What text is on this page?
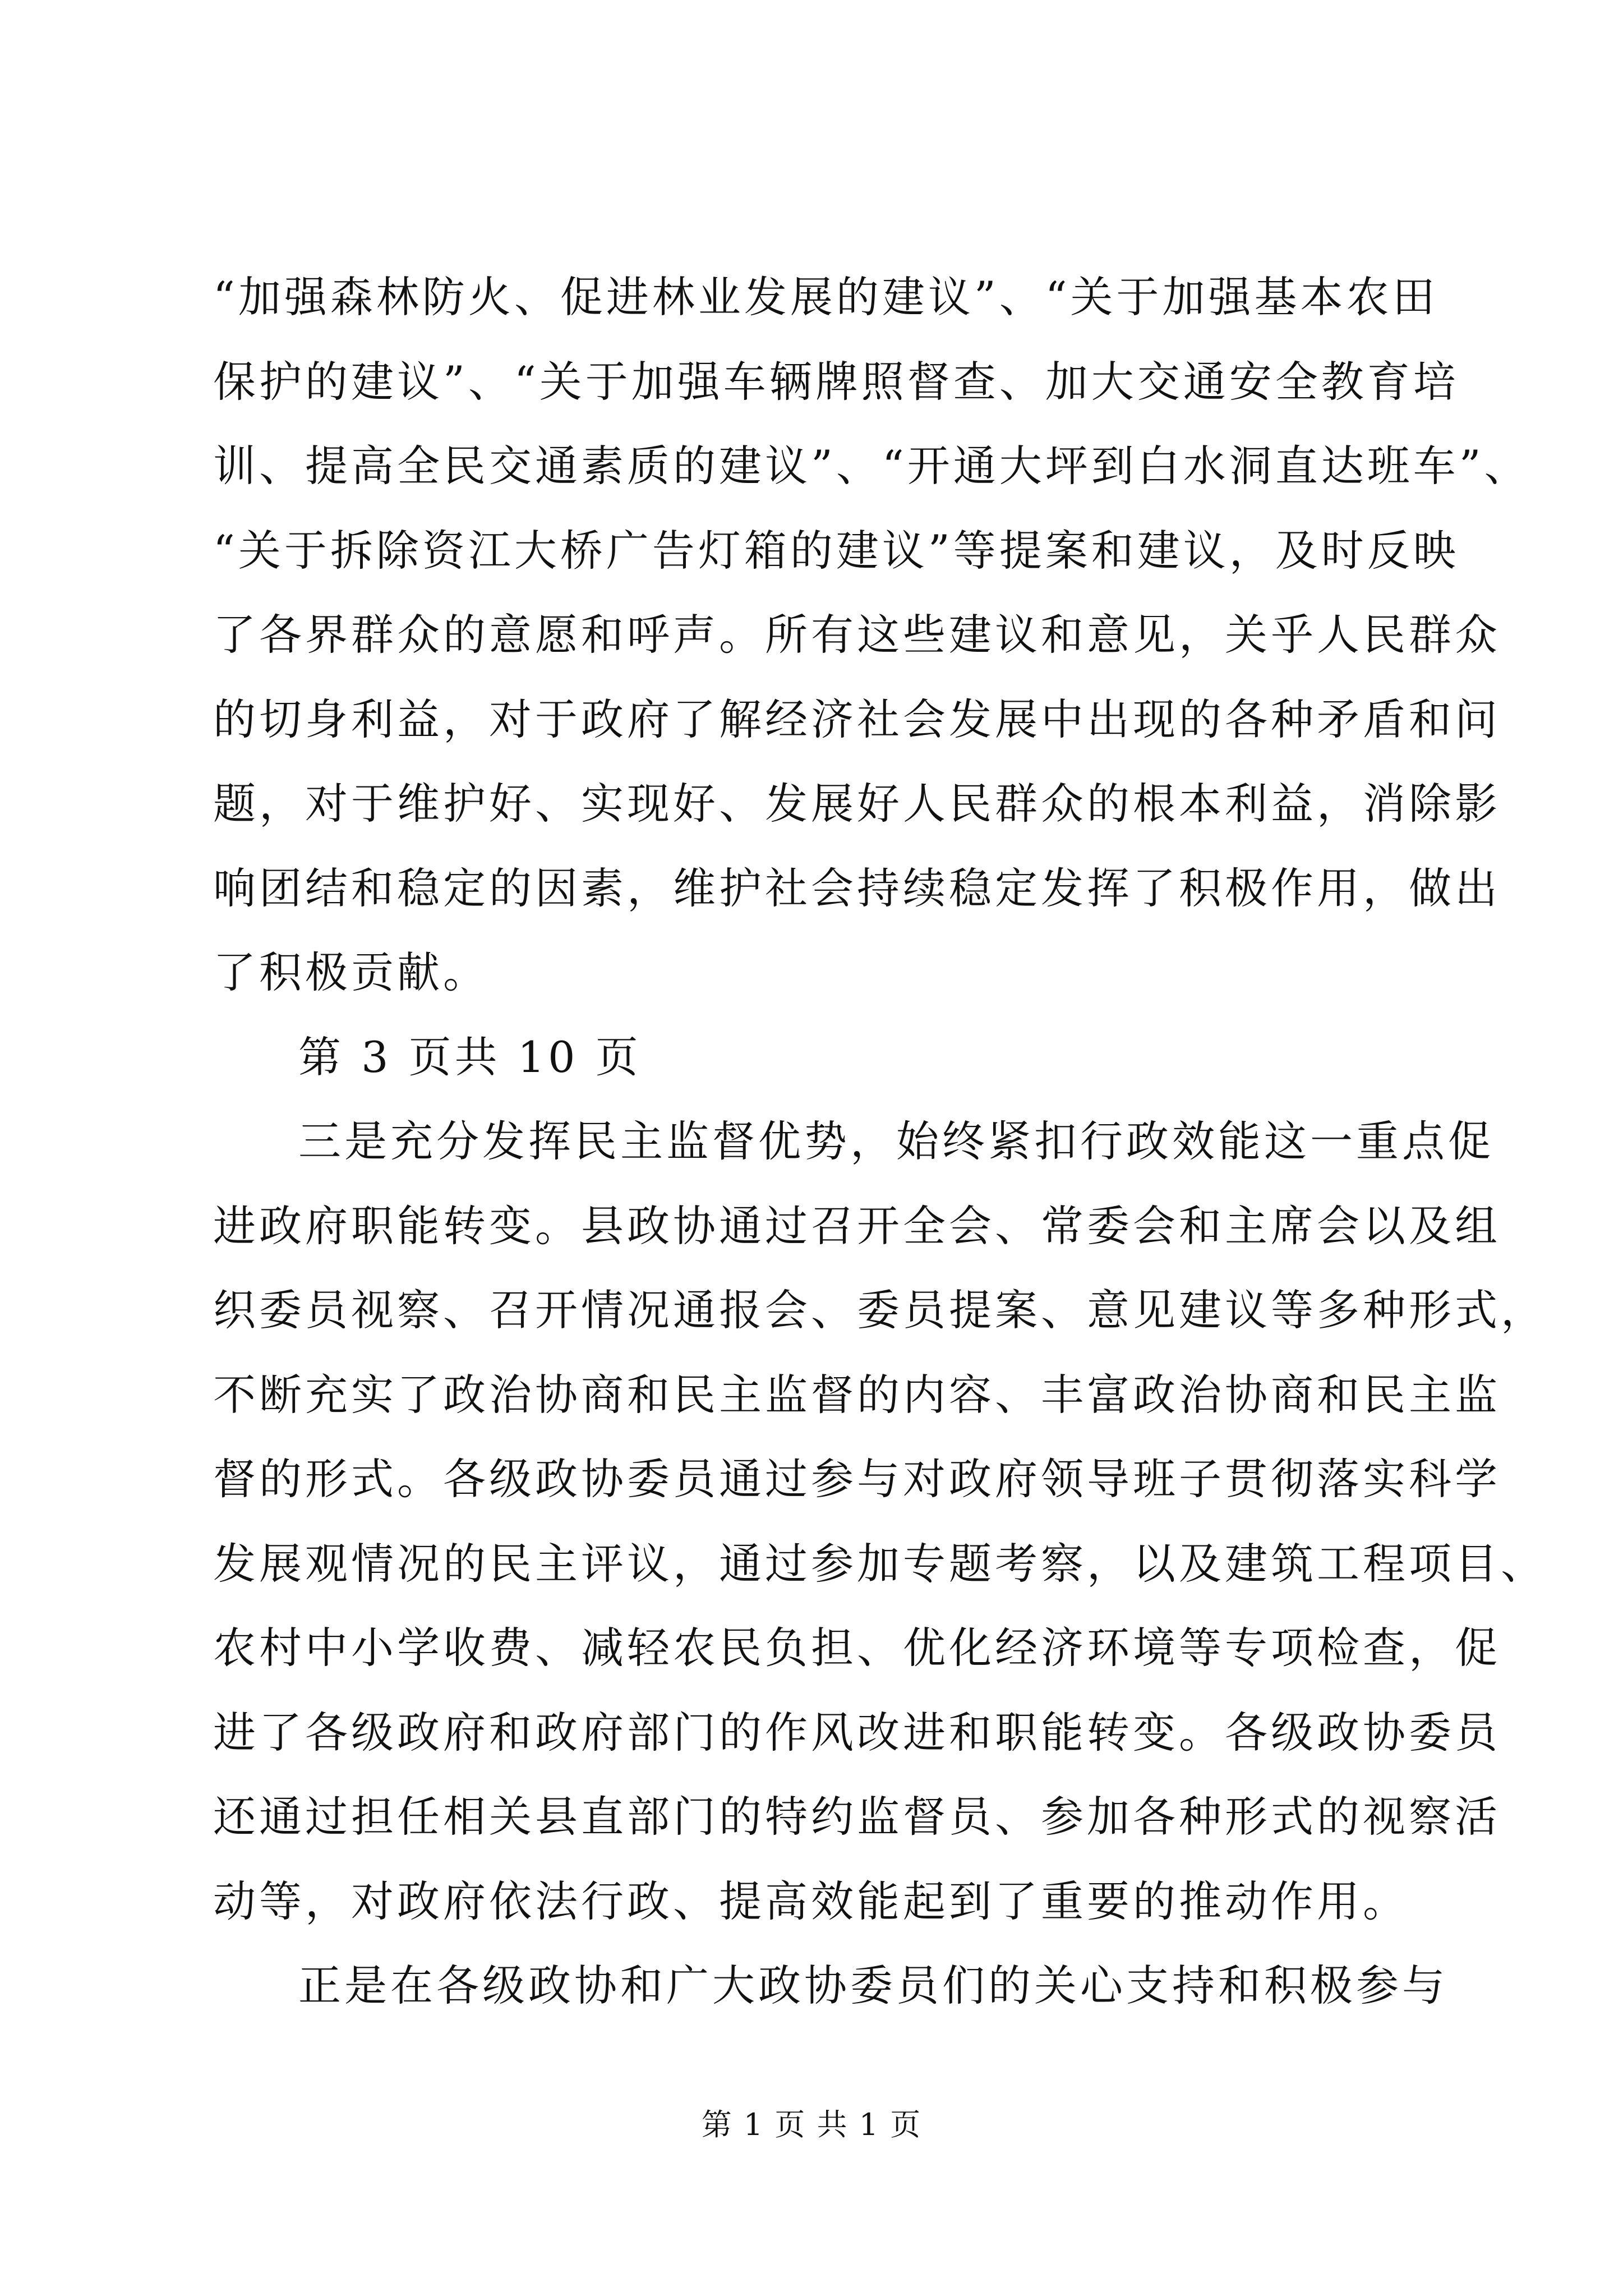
“加强森林防火、促进林业发展的建议”、“关于加强基本农田
保护的建议”、“关于加强车辆牌照督查、加大交通安全教育培
训、提高全民交通素质的建议”、“开通大坪到白水洞直达班车”、
“关于拆除资江大桥广告灯箱的建议”等提案和建议，及时反映
了各界群众的意愿和呼声。所有这些建议和意见，关乎人民群众
的切身利益，对于政府了解经济社会发展中出现的各种矛盾和问
题，对于维护好、实现好、发展好人民群众的根本利益，消除影
响团结和稳定的因素，维护社会持续稳定发挥了积极作用，做出
了积极贡献。
第 3 页共 10 页
三是充分发挥民主监督优势，始终紧扣行政效能这一重点促
进政府职能转变。县政协通过召开全会、常委会和主席会以及组
织委员视察、召开情况通报会、委员提案、意见建议等多种形式，
不断充实了政治协商和民主监督的内容、丰富政治协商和民主监
督的形式。各级政协委员通过参与对政府领导班子贯彻落实科学
发展观情况的民主评议，通过参加专题考察，以及建筑工程项目、
农村中小学收费、减轻农民负担、优化经济环境等专项检查，促
进了各级政府和政府部门的作风改进和职能转变。各级政协委员
还通过担任相关县直部门的特约监督员、参加各种形式的视察活
动等，对政府依法行政、提高效能起到了重要的推动作用。
正是在各级政协和广大政协委员们的关心支持和积极参与
第 1 页 共 1 页
